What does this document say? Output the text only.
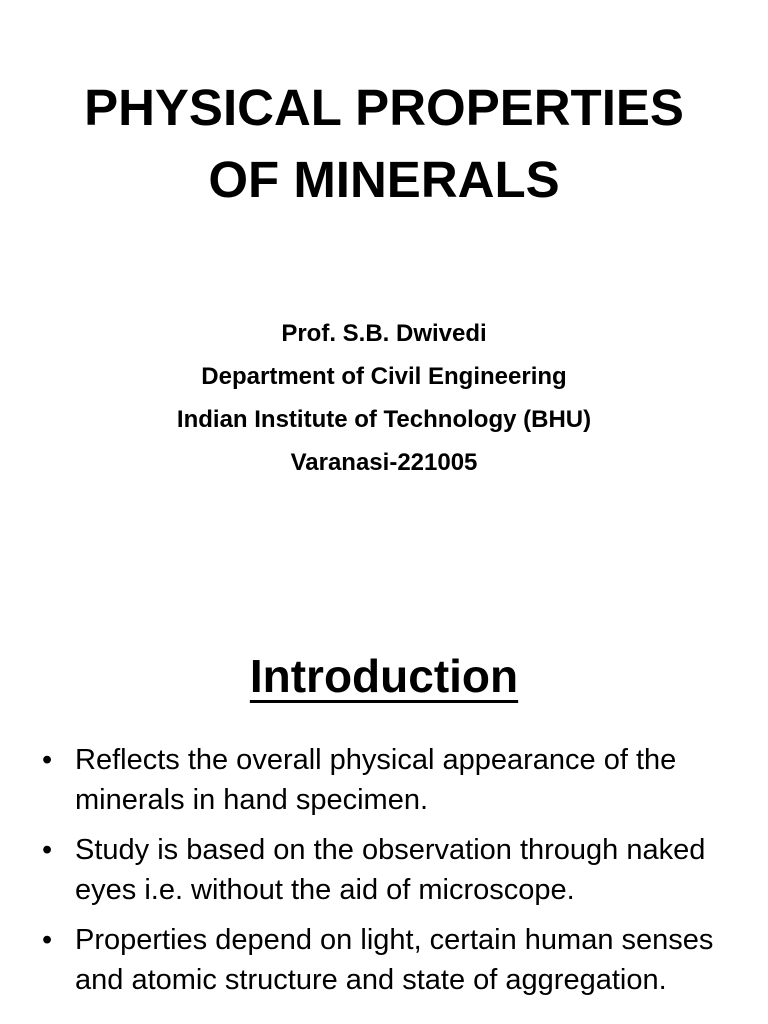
PHYSICAL PROPERTIES
OF MINERALS
Prof. S.B. Dwivedi
Department of Civil Engineering
Indian Institute of Technology (BHU)
Varanasi-221005
Introduction
• Reflects the overall physical appearance of the minerals in hand specimen.
• Study is based on the observation through naked eyes i.e. without the aid of microscope.
• Properties depend on light, certain human senses and atomic structure and state of aggregation.
